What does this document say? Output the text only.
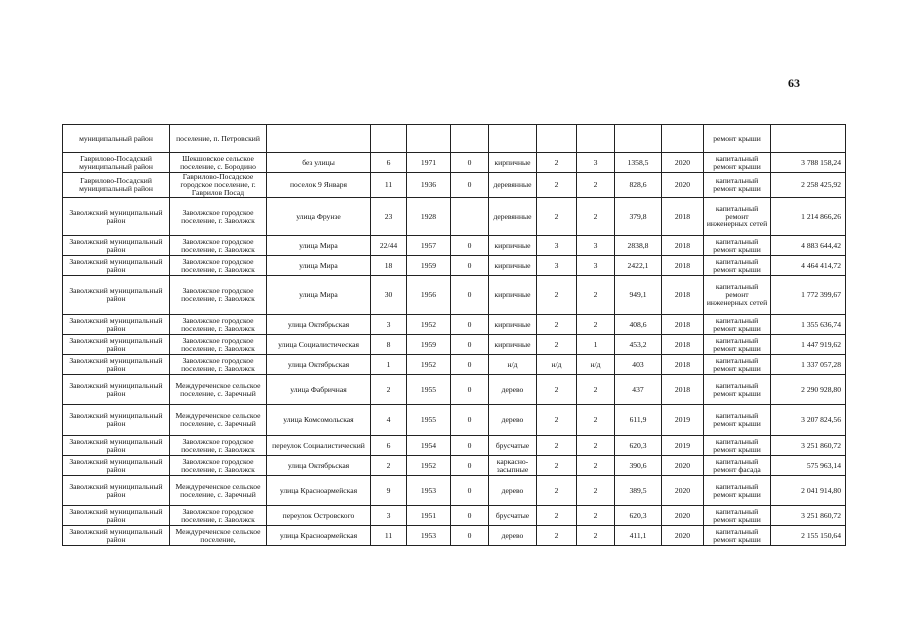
63
муниципальный район	поселение, п. Петровский										ремонт крыши	
Гаврилово-Посадский муниципальный район	Шекшовское сельское поселение, с. Бородино	без улицы	6	1971	0	кирпичные	2	3	1358,5	2020	капитальный ремонт крыши	3 788 158,24
Гаврилово-Посадский муниципальный район	Гаврилово-Посадское городское поселение, г. Гаврилов Посад	поселок 9 Января	11	1936	0	деревянные	2	2	828,6	2020	капитальный ремонт крыши	2 258 425,92
Заволжский муниципальный район	Заволжское городское поселение, г. Заволжск	улица Фрунзе	23	1928		деревянные	2	2	379,8	2018	капитальный ремонт инженерных сетей	1 214 866,26
Заволжский муниципальный район	Заволжское городское поселение, г. Заволжск	улица Мира	22/44	1957	0	кирпичные	3	3	2838,8	2018	капитальный ремонт крыши	4 883 644,42
Заволжский муниципальный район	Заволжское городское поселение, г. Заволжск	улица Мира	18	1959	0	кирпичные	3	3	2422,1	2018	капитальный ремонт крыши	4 464 414,72
Заволжский муниципальный район	Заволжское городское поселение, г. Заволжск	улица Мира	30	1956	0	кирпичные	2	2	949,1	2018	капитальный ремонт инженерных сетей	1 772 399,67
Заволжский муниципальный район	Заволжское городское поселение, г. Заволжск	улица Октябрьская	3	1952	0	кирпичные	2	2	408,6	2018	капитальный ремонт крыши	1 355 636,74
Заволжский муниципальный район	Заволжское городское поселение, г. Заволжск	улица Социалистическая	8	1959	0	кирпичные	2	1	453,2	2018	капитальный ремонт крыши	1 447 919,62
Заволжский муниципальный район	Заволжское городское поселение, г. Заволжск	улица Октябрьская	1	1952	0	н/д	н/д	н/д	403	2018	капитальный ремонт крыши	1 337 057,28
Заволжский муниципальный район	Междуреченское сельское поселение, с. Заречный	улица Фабричная	2	1955	0	дерево	2	2	437	2018	капитальный ремонт крыши	2 290 928,80
Заволжский муниципальный район	Междуреченское сельское поселение, с. Заречный	улица Комсомольская	4	1955	0	дерево	2	2	611,9	2019	капитальный ремонт крыши	3 207 824,56
Заволжский муниципальный район	Заволжское городское поселение, г. Заволжск	переулок Социалистический	6	1954	0	брусчатые	2	2	620,3	2019	капитальный ремонт крыши	3 251 860,72
Заволжский муниципальный район	Заволжское городское поселение, г. Заволжск	улица Октябрьская	2	1952	0	каркасно-засыпные	2	2	390,6	2020	капитальный ремонт фасада	575 963,14
Заволжский муниципальный район	Междуреченское сельское поселение, с. Заречный	улица Красноармейская	9	1953	0	дерево	2	2	389,5	2020	капитальный ремонт крыши	2 041 914,80
Заволжский муниципальный район	Заволжское городское поселение, г. Заволжск	переулок Островского	3	1951	0	брусчатые	2	2	620,3	2020	капитальный ремонт крыши	3 251 860,72
Заволжский муниципальный район	Междуреченское сельское поселение,	улица Красноармейская	11	1953	0	дерево	2	2	411,1	2020	капитальный ремонт крыши	2 155 150,64
